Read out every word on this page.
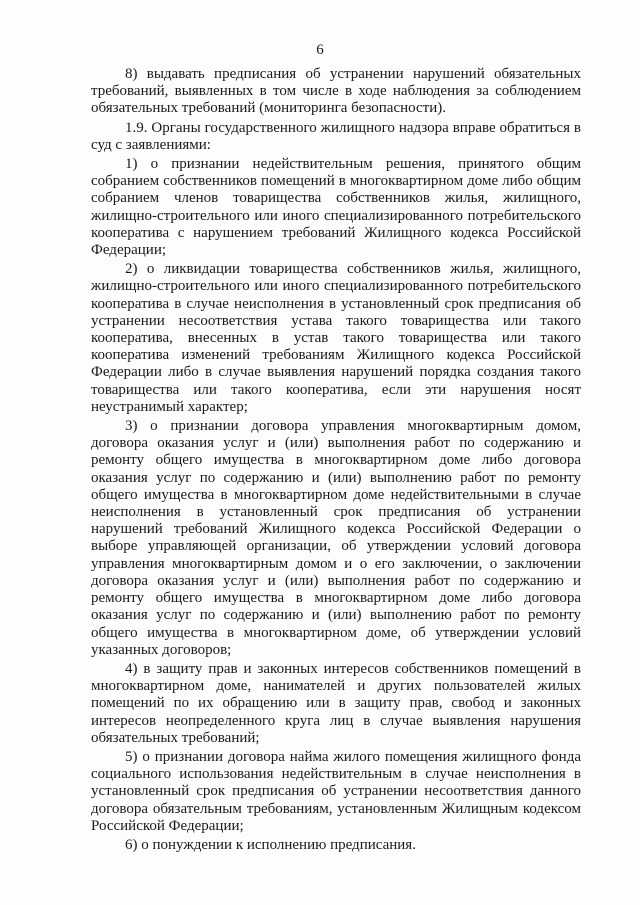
6

8) выдавать предписания об устранении нарушений обязательных требований, выявленных в том числе в ходе наблюдения за соблюдением обязательных требований (мониторинга безопасности).

1.9. Органы государственного жилищного надзора вправе обратиться в суд с заявлениями:

1) о признании недействительным решения, принятого общим собранием собственников помещений в многоквартирном доме либо общим собранием членов товарищества собственников жилья, жилищного, жилищно-строительного или иного специализированного потребительского кооператива с нарушением требований Жилищного кодекса Российской Федерации;

2) о ликвидации товарищества собственников жилья, жилищного, жилищно-строительного или иного специализированного потребительского кооператива в случае неисполнения в установленный срок предписания об устранении несоответствия устава такого товарищества или такого кооператива, внесенных в устав такого товарищества или такого кооператива изменений требованиям Жилищного кодекса Российской Федерации либо в случае выявления нарушений порядка создания такого товарищества или такого кооператива, если эти нарушения носят неустранимый характер;

3) о признании договора управления многоквартирным домом, договора оказания услуг и (или) выполнения работ по содержанию и ремонту общего имущества в многоквартирном доме либо договора оказания услуг по содержанию и (или) выполнению работ по ремонту общего имущества в многоквартирном доме недействительными в случае неисполнения в установленный срок предписания об устранении нарушений требований Жилищного кодекса Российской Федерации о выборе управляющей организации, об утверждении условий договора управления многоквартирным домом и о его заключении, о заключении договора оказания услуг и (или) выполнения работ по содержанию и ремонту общего имущества в многоквартирном доме либо договора оказания услуг по содержанию и (или) выполнению работ по ремонту общего имущества в многоквартирном доме, об утверждении условий указанных договоров;

4) в защиту прав и законных интересов собственников помещений в многоквартирном доме, нанимателей и других пользователей жилых помещений по их обращению или в защиту прав, свобод и законных интересов неопределенного круга лиц в случае выявления нарушения обязательных требований;

5) о признании договора найма жилого помещения жилищного фонда социального использования недействительным в случае неисполнения в установленный срок предписания об устранении несоответствия данного договора обязательным требованиям, установленным Жилищным кодексом Российской Федерации;

6) о понуждении к исполнению предписания.
